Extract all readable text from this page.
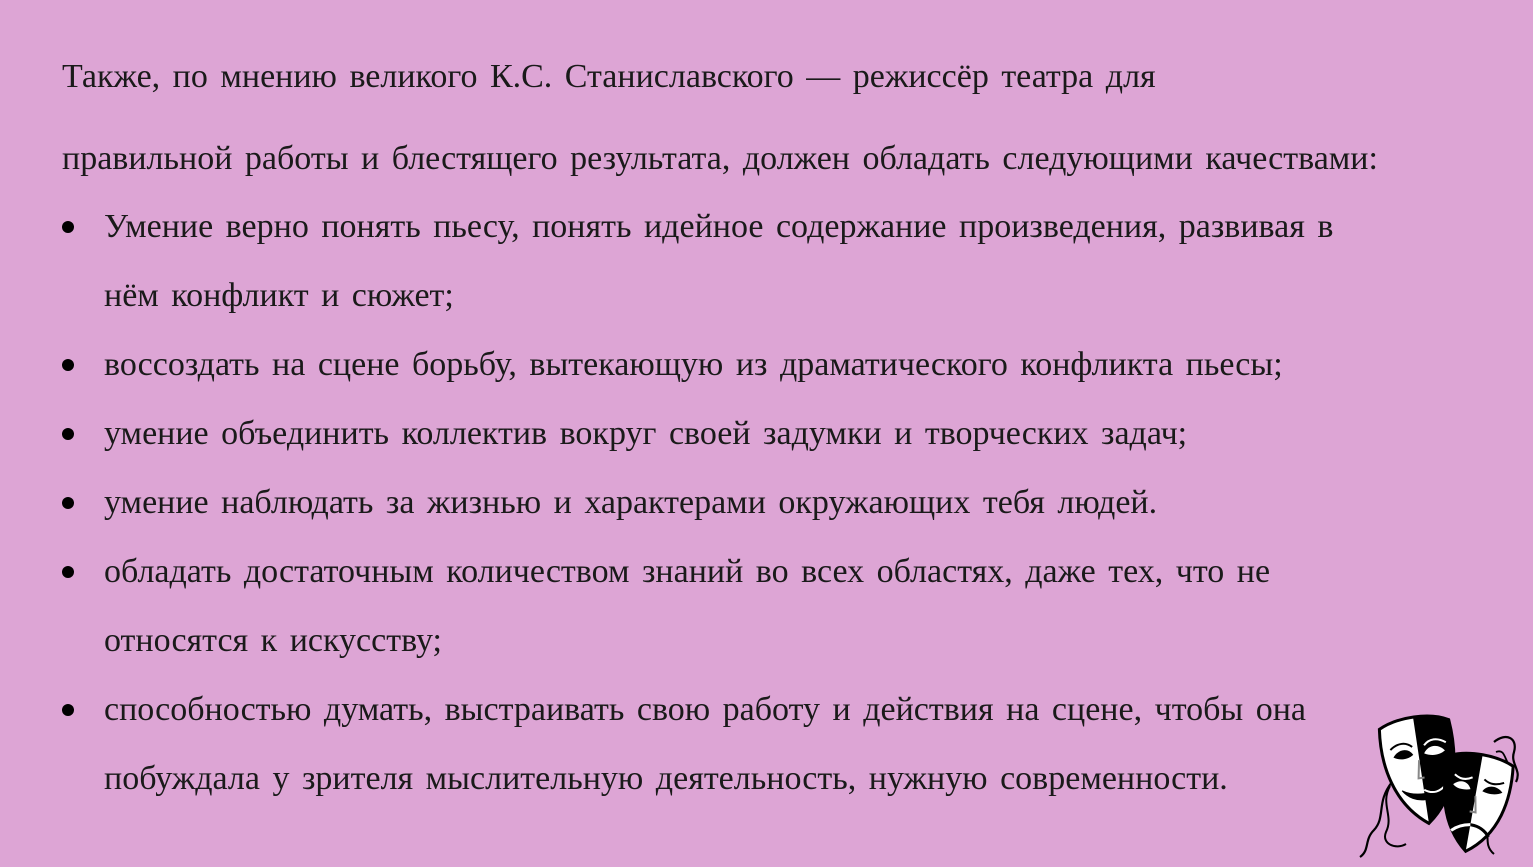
Также, по мнению великого К.С. Станиславского — режиссёр театра для
правильной работы и блестящего результата, должен обладать следующими качествами:
Умение верно понять пьесу, понять идейное содержание произведения, развивая в
нём конфликт и сюжет;
воссоздать на сцене борьбу, вытекающую из драматического конфликта пьесы;
умение объединить коллектив вокруг своей задумки и творческих задач;
умение наблюдать за жизнью и характерами окружающих тебя людей.
обладать достаточным количеством знаний во всех областях, даже тех, что не
относятся к искусству;
способностью думать, выстраивать свою работу и действия на сцене, чтобы она
побуждала у зрителя мыслительную деятельность, нужную современности.
